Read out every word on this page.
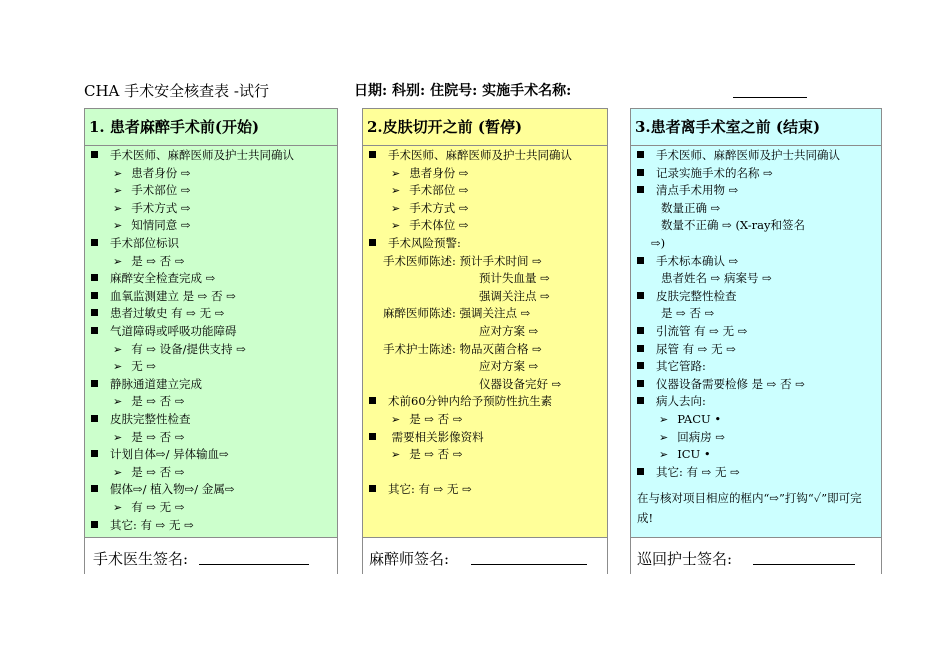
CHA 手术安全核查表 -试行	日期: 科别: 住院号: 实施手术名称:
1. 患者麻醉手术前(开始)
手术医师、麻醉医师及护士共同确认
➢ 患者身份 ⇨
➢ 手术部位 ⇨
➢ 手术方式 ⇨
➢ 知情同意 ⇨
手术部位标识
➢ 是 ⇨ 否 ⇨
麻醉安全检查完成 ⇨
血氧监测建立 是 ⇨ 否 ⇨
患者过敏史 有 ⇨ 无 ⇨
气道障碍或呼吸功能障碍
➢ 有 ⇨ 设备/提供支持 ⇨
➢ 无 ⇨
静脉通道建立完成
➢ 是 ⇨ 否 ⇨
皮肤完整性检查
➢ 是 ⇨ 否 ⇨
计划自体⇨/ 异体输血⇨
➢ 是 ⇨ 否 ⇨
假体⇨/ 植入物⇨/ 金属⇨
➢ 有 ⇨ 无 ⇨
其它: 有 ⇨ 无 ⇨
手术医生签名:
2.皮肤切开之前 (暂停)
手术医师、麻醉医师及护士共同确认
➢ 患者身份 ⇨
➢ 手术部位 ⇨
➢ 手术方式 ⇨
➢ 手术体位 ⇨
手术风险预警:
手术医师陈述: 预计手术时间 ⇨
预计失血量 ⇨
强调关注点 ⇨
麻醉医师陈述: 强调关注点 ⇨
应对方案 ⇨
手术护士陈述: 物品灭菌合格 ⇨
应对方案 ⇨
仪器设备完好 ⇨
术前60分钟内给予预防性抗生素
➢ 是 ⇨ 否 ⇨
需要相关影像资料
➢ 是 ⇨ 否 ⇨
其它: 有 ⇨ 无 ⇨
麻醉师签名:
3.患者离手术室之前 (结束)
手术医师、麻醉医师及护士共同确认
记录实施手术的名称 ⇨
清点手术用物 ⇨
数量正确 ⇨
数量不正确 ⇨ (X-ray和签名
⇨)
手术标本确认 ⇨
患者姓名 ⇨ 病案号 ⇨
皮肤完整性检查
是 ⇨ 否 ⇨
引流管 有 ⇨ 无 ⇨
尿管 有 ⇨ 无 ⇨
其它管路:
仪器设备需要检修 是 ⇨ 否 ⇨
病人去向:
➢ PACU •
➢ 回病房 ⇨
➢ ICU •
其它: 有 ⇨ 无 ⇨
在与核对项目相应的框内“⇨”打钩“✓”即可完成!
巡回护士签名:
